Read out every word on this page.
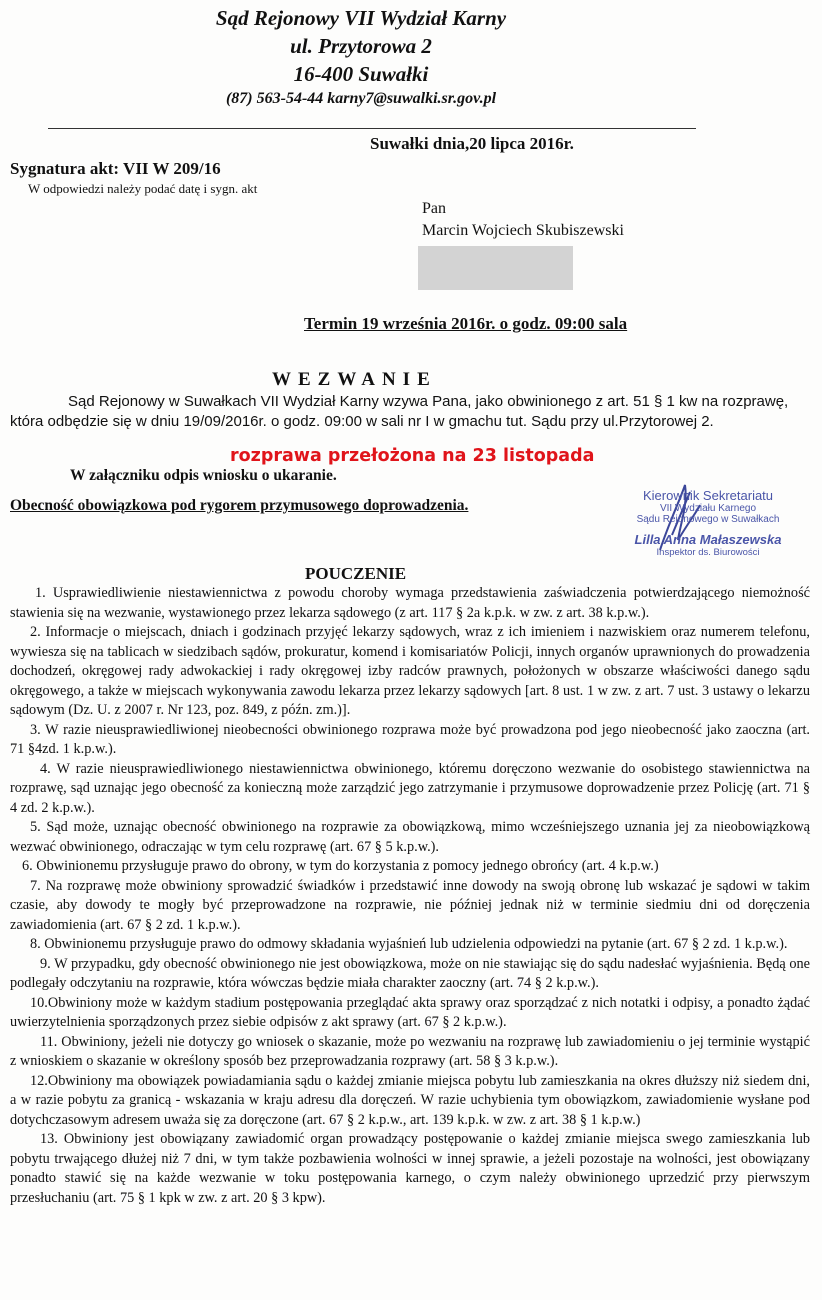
Sąd Rejonowy VII Wydział Karny
ul. Przytorowa 2
16-400 Suwałki
(87) 563-54-44 karny7@suwalki.sr.gov.pl
Suwałki dnia,20 lipca 2016r.
Sygnatura akt: VII W 209/16
W odpowiedzi należy podać datę i sygn. akt
Pan
Marcin Wojciech Skubiszewski
Termin 19 września 2016r. o godz. 09:00 sala
WEZWANIE

Sąd Rejonowy w Suwałkach VII Wydział Karny wzywa Pana, jako obwinionego z art. 51 § 1 kw na rozprawę, która odbędzie się w dniu 19/09/2016r. o godz. 09:00 w sali nr I w gmachu tut. Sądu przy ul.Przytorowej 2.

rozprawa przełożona na 23 listopada
W załączniku odpis wniosku o ukaranie.
Obecność obowiązkowa pod rygorem przymusowego doprowadzenia.
Kierownik Sekretariatu
VII Wydziału Karnego
Sądu Rejonowego w Suwałkach
Lilla Anna Małaszewska
Inspektor ds. Biurowości
POUCZENIE

1. Usprawiedliwienie niestawiennictwa z powodu choroby wymaga przedstawienia zaświadczenia potwierdzającego niemożność stawienia się na wezwanie, wystawionego przez lekarza sądowego (z art. 117 § 2a k.p.k. w zw. z art. 38 k.p.w.).

2. Informacje o miejscach, dniach i godzinach przyjęć lekarzy sądowych, wraz z ich imieniem i nazwiskiem oraz numerem telefonu, wywiesza się na tablicach w siedzibach sądów, prokuratur, komend i komisariatów Policji, innych organów uprawnionych do prowadzenia dochodzeń, okręgowej rady adwokackiej i rady okręgowej izby radców prawnych, położonych w obszarze właściwości danego sądu okręgowego, a także w miejscach wykonywania zawodu lekarza przez lekarzy sądowych [art. 8 ust. 1 w zw. z art. 7 ust. 3 ustawy o lekarzu sądowym (Dz. U. z 2007 r. Nr 123, poz. 849, z późn. zm.)].

3. W razie nieusprawiedliwionej nieobecności obwinionego rozprawa może być prowadzona pod jego nieobecność jako zaoczna (art. 71 §4zd. 1 k.p.w.).

4. W razie nieusprawiedliwionego niestawiennictwa obwinionego, któremu doręczono wezwanie do osobistego stawiennictwa na rozprawę, sąd uznając jego obecność za konieczną może zarządzić jego zatrzymanie i przymusowe doprowadzenie przez Policję (art. 71 § 4 zd. 2 k.p.w.).

5. Sąd może, uznając obecność obwinionego na rozprawie za obowiązkową, mimo wcześniejszego uznania jej za nieobowiązkową wezwać obwinionego, odraczając w tym celu rozprawę (art. 67 § 5 k.p.w.).

6. Obwinionemu przysługuje prawo do obrony, w tym do korzystania z pomocy jednego obrońcy (art. 4 k.p.w.)

7. Na rozprawę może obwiniony sprowadzić świadków i przedstawić inne dowody na swoją obronę lub wskazać je sądowi w takim czasie, aby dowody te mogły być przeprowadzone na rozprawie, nie później jednak niż w terminie siedmiu dni od doręczenia zawiadomienia (art. 67 § 2 zd. 1 k.p.w.).

8. Obwinionemu przysługuje prawo do odmowy składania wyjaśnień lub udzielenia odpowiedzi na pytanie (art. 67 § 2 zd. 1 k.p.w.).

9. W przypadku, gdy obecność obwinionego nie jest obowiązkowa, może on nie stawiając się do sądu nadesłać wyjaśnienia. Będą one podlegały odczytaniu na rozprawie, która wówczas będzie miała charakter zaoczny (art. 74 § 2 k.p.w.).

10.Obwiniony może w każdym stadium postępowania przeglądać akta sprawy oraz sporządzać z nich notatki i odpisy, a ponadto żądać uwierzytelnienia sporządzonych przez siebie odpisów z akt sprawy (art. 67 § 2 k.p.w.).

11. Obwiniony, jeżeli nie dotyczy go wniosek o skazanie, może po wezwaniu na rozprawę lub zawiadomieniu o jej terminie wystąpić z wnioskiem o skazanie w określony sposób bez przeprowadzania rozprawy (art. 58 § 3 k.p.w.).

12.Obwiniony ma obowiązek powiadamiania sądu o każdej zmianie miejsca pobytu lub zamieszkania na okres dłuższy niż siedem dni, a w razie pobytu za granicą - wskazania w kraju adresu dla doręczeń. W razie uchybienia tym obowiązkom, zawiadomienie wysłane pod dotychczasowym adresem uważa się za doręczone (art. 67 § 2 k.p.w., art. 139 k.p.k. w zw. z art. 38 § 1 k.p.w.)

13. Obwiniony jest obowiązany zawiadomić organ prowadzący postępowanie o każdej zmianie miejsca swego zamieszkania lub pobytu trwającego dłużej niż 7 dni, w tym także pozbawienia wolności w innej sprawie, a jeżeli pozostaje na wolności, jest obowiązany ponadto stawić się na każde wezwanie w toku postępowania karnego, o czym należy obwinionego uprzedzić przy pierwszym przesłuchaniu (art. 75 § 1 kpk w zw. z art. 20 § 3 kpw).
